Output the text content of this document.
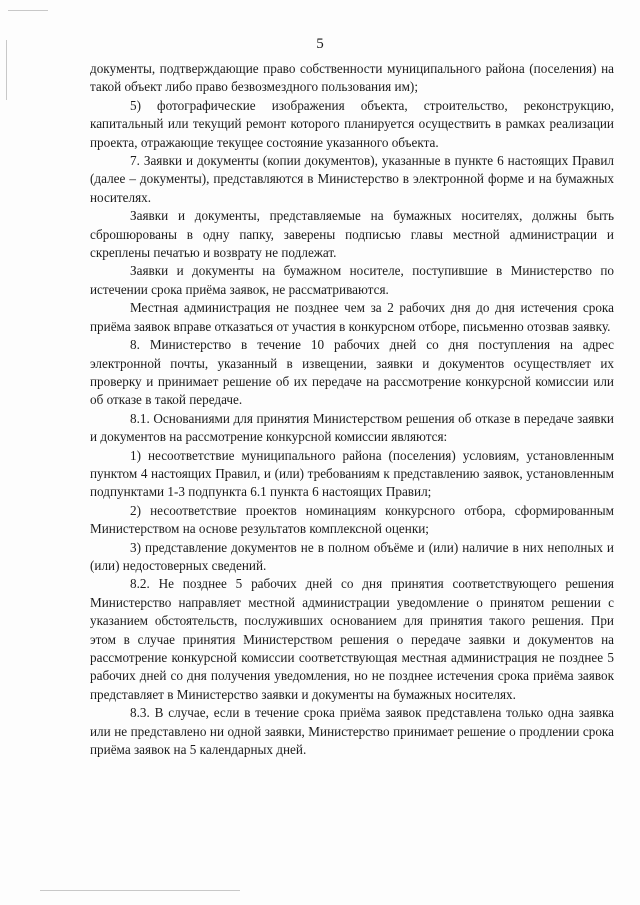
5

документы, подтверждающие право собственности муниципального района (поселения) на такой объект либо право безвозмездного пользования им);

5) фотографические изображения объекта, строительство, реконструкцию, капитальный или текущий ремонт которого планируется осуществить в рамках реализации проекта, отражающие текущее состояние указанного объекта.

7. Заявки и документы (копии документов), указанные в пункте 6 настоящих Правил (далее – документы), представляются в Министерство в электронной форме и на бумажных носителях.

Заявки и документы, представляемые на бумажных носителях, должны быть сброшюрованы в одну папку, заверены подписью главы местной администрации и скреплены печатью и возврату не подлежат.

Заявки и документы на бумажном носителе, поступившие в Министерство по истечении срока приёма заявок, не рассматриваются.

Местная администрация не позднее чем за 2 рабочих дня до дня истечения срока приёма заявок вправе отказаться от участия в конкурсном отборе, письменно отозвав заявку.

8. Министерство в течение 10 рабочих дней со дня поступления на адрес электронной почты, указанный в извещении, заявки и документов осуществляет их проверку и принимает решение об их передаче на рассмотрение конкурсной комиссии или об отказе в такой передаче.

8.1. Основаниями для принятия Министерством решения об отказе в передаче заявки и документов на рассмотрение конкурсной комиссии являются:

1) несоответствие муниципального района (поселения) условиям, установленным пунктом 4 настоящих Правил, и (или) требованиям к представлению заявок, установленным подпунктами 1-3 подпункта 6.1 пункта 6 настоящих Правил;

2) несоответствие проектов номинациям конкурсного отбора, сформированным Министерством на основе результатов комплексной оценки;

3) представление документов не в полном объёме и (или) наличие в них неполных и (или) недостоверных сведений.

8.2. Не позднее 5 рабочих дней со дня принятия соответствующего решения Министерство направляет местной администрации уведомление о принятом решении с указанием обстоятельств, послуживших основанием для принятия такого решения. При этом в случае принятия Министерством решения о передаче заявки и документов на рассмотрение конкурсной комиссии соответствующая местная администрация не позднее 5 рабочих дней со дня получения уведомления, но не позднее истечения срока приёма заявок представляет в Министерство заявки и документы на бумажных носителях.

8.3. В случае, если в течение срока приёма заявок представлена только одна заявка или не представлено ни одной заявки, Министерство принимает решение о продлении срока приёма заявок на 5 календарных дней.
